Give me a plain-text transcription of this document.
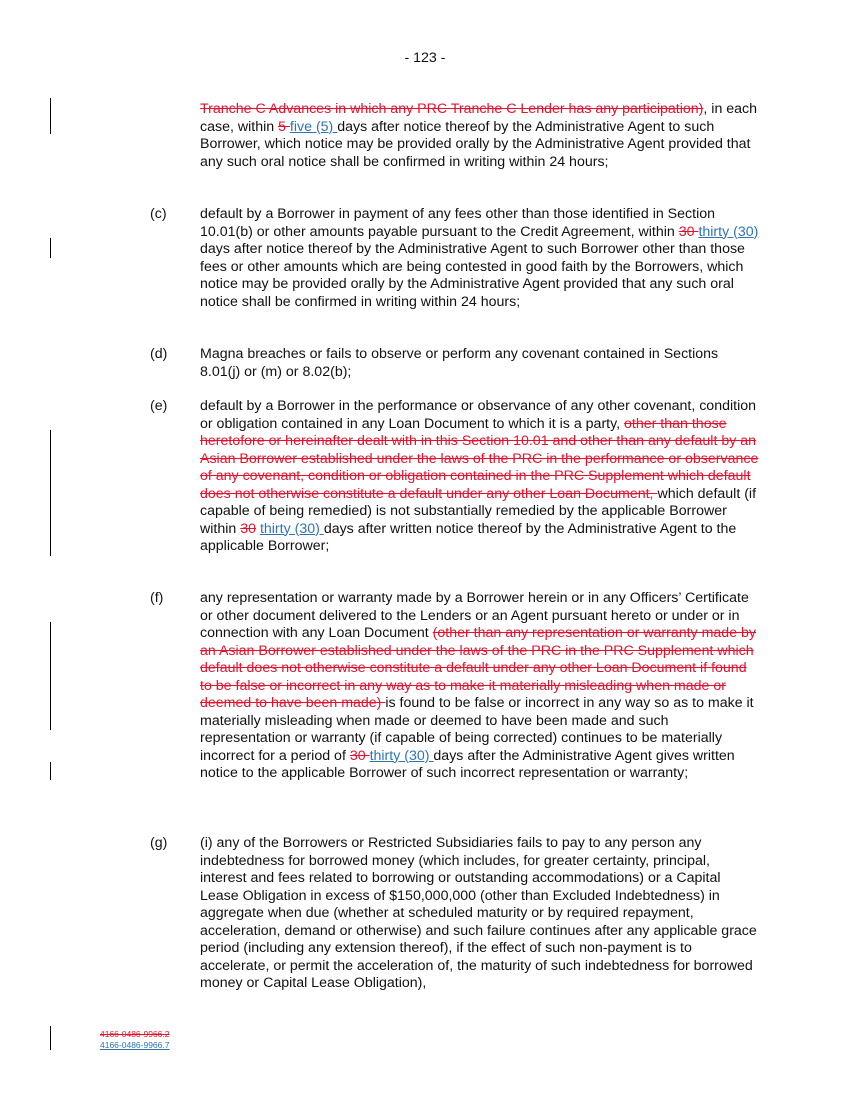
- 123 -
Tranche C Advances in which any PRC Tranche C Lender has any participation), in each case, within 5 five (5) days after notice thereof by the Administrative Agent to such Borrower, which notice may be provided orally by the Administrative Agent provided that any such oral notice shall be confirmed in writing within 24 hours;
(c) default by a Borrower in payment of any fees other than those identified in Section 10.01(b) or other amounts payable pursuant to the Credit Agreement, within 30 thirty (30) days after notice thereof by the Administrative Agent to such Borrower other than those fees or other amounts which are being contested in good faith by the Borrowers, which notice may be provided orally by the Administrative Agent provided that any such oral notice shall be confirmed in writing within 24 hours;
(d) Magna breaches or fails to observe or perform any covenant contained in Sections 8.01(j) or (m) or 8.02(b);
(e) default by a Borrower in the performance or observance of any other covenant, condition or obligation contained in any Loan Document to which it is a party, other than those heretofore or hereinafter dealt with in this Section 10.01 and other than any default by an Asian Borrower established under the laws of the PRC in the performance or observance of any covenant, condition or obligation contained in the PRC Supplement which default does not otherwise constitute a default under any other Loan Document, which default (if capable of being remedied) is not substantially remedied by the applicable Borrower within 30 thirty (30) days after written notice thereof by the Administrative Agent to the applicable Borrower;
(f)	any representation or warranty made by a Borrower herein or in any Officers’ Certificate or other document delivered to the Lenders or an Agent pursuant hereto or under or in connection with any Loan Document (other than any representation or warranty made by an Asian Borrower established under the laws of the PRC in the PRC Supplement which default does not otherwise constitute a default under any other Loan Document if found to be false or incorrect in any way as to make it materially misleading when made or deemed to have been made) is found to be false or incorrect in any way so as to make it materially misleading when made or deemed to have been made and such representation or warranty (if capable of being corrected) continues to be materially incorrect for a period of 30 thirty (30) days after the Administrative Agent gives written notice to the applicable Borrower of such incorrect representation or warranty;
(g) (i) any of the Borrowers or Restricted Subsidiaries fails to pay to any person any indebtedness for borrowed money (which includes, for greater certainty, principal, interest and fees related to borrowing or outstanding accommodations) or a Capital Lease Obligation in excess of $150,000,000 (other than Excluded Indebtedness) in aggregate when due (whether at scheduled maturity or by required repayment, acceleration, demand or otherwise) and such failure continues after any applicable grace period (including any extension thereof), if the effect of such non-payment is to accelerate, or permit the acceleration of, the maturity of such indebtedness for borrowed money or Capital Lease Obligation),
4166-0486-9966.2
4166-0486-9966.7
